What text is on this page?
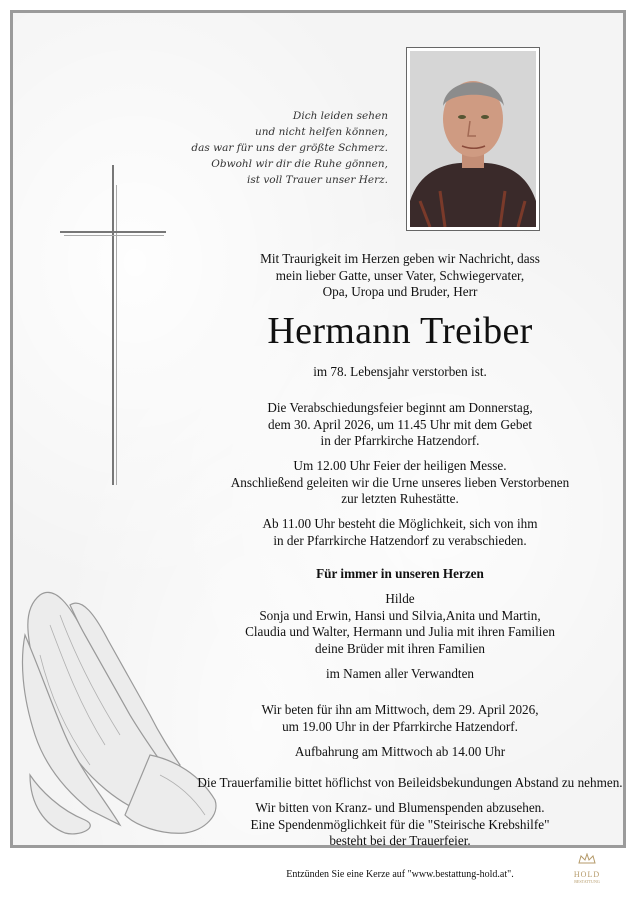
Dich leiden sehen
und nicht helfen können,
das war für uns der größte Schmerz.
Obwohl wir dir die Ruhe gönnen,
ist voll Trauer unser Herz.
Mit Traurigkeit im Herzen geben wir Nachricht, dass
mein lieber Gatte, unser Vater, Schwiegervater,
Opa, Uropa und Bruder, Herr
Hermann Treiber
im 78. Lebensjahr verstorben ist.
Die Verabschiedungsfeier beginnt am Donnerstag,
dem 30. April 2026, um 11.45 Uhr mit dem Gebet
in der Pfarrkirche Hatzendorf.
Um 12.00 Uhr Feier der heiligen Messe.
Anschließend geleiten wir die Urne unseres lieben Verstorbenen
zur letzten Ruhestätte.
Ab 11.00 Uhr besteht die Möglichkeit, sich von ihm
in der Pfarrkirche Hatzendorf zu verabschieden.
Für immer in unseren Herzen
Hilde
Sonja und Erwin, Hansi und Silvia,Anita und Martin,
Claudia und Walter, Hermann und Julia mit ihren Familien
deine Brüder mit ihren Familien
im Namen aller Verwandten
Wir beten für ihn am Mittwoch, dem 29. April 2026,
um 19.00 Uhr in der Pfarrkirche Hatzendorf.
Aufbahrung am Mittwoch ab 14.00 Uhr
Die Trauerfamilie bittet höflichst von Beileidsbekundungen Abstand zu nehmen.
Wir bitten von Kranz- und Blumenspenden abzusehen.
Eine Spendenmöglichkeit für die "Steirische Krebshilfe"
besteht bei der Trauerfeier.
Entzünden Sie eine Kerze auf "www.bestattung-hold.at".	HOLD
BESTATTUNG
